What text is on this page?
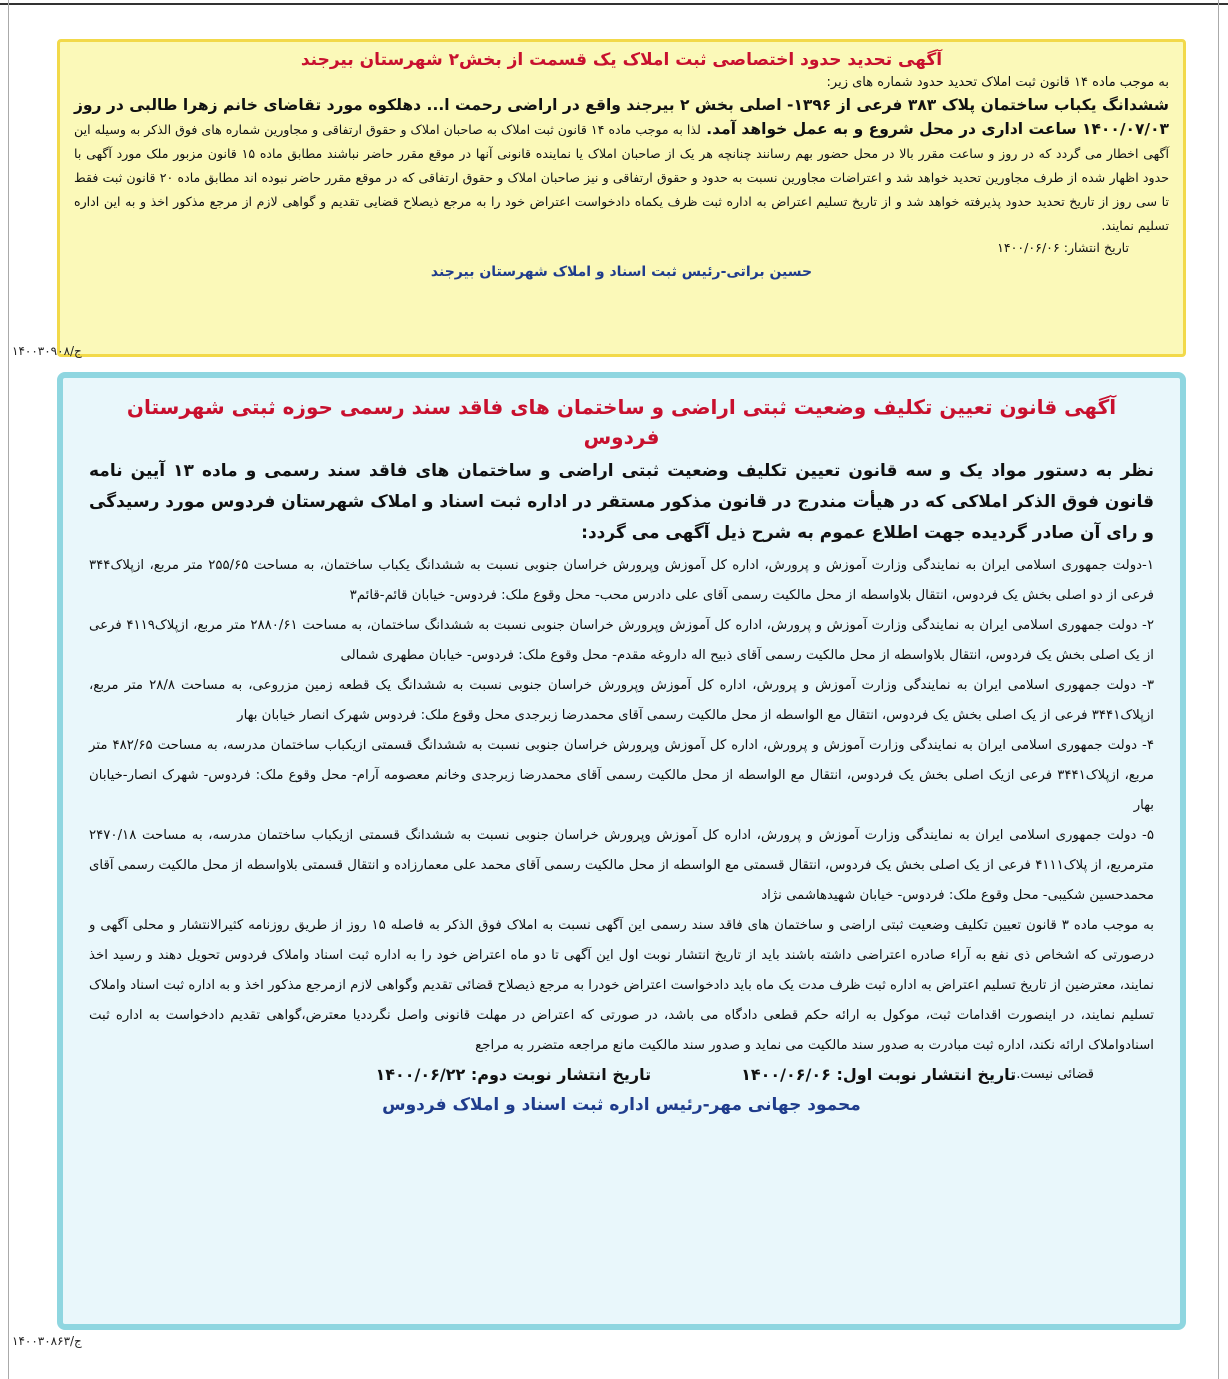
آگهی تحدید حدود اختصاصی ثبت املاک یک قسمت از بخش۲ شهرستان بیرجند

به موجب ماده ۱۴ قانون ثبت املاک تحدید حدود شماره های زیر:

ششدانگ یکباب ساختمان پلاک ۳۸۳ فرعی از ۱۳۹۶- اصلی بخش ۲ بیرجند واقع در اراضی رحمت ا... دهلکوه مورد تقاضای خانم زهرا طالبی در روز ۱۴۰۰/۰۷/۰۳ ساعت اداری در محل شروع و به عمل خواهد آمد. لذا به موجب ماده ۱۴ قانون ثبت املاک به صاحبان املاک و حقوق ارتفاقی و مجاورین شماره های فوق الذکر به وسیله این آگهی اخطار می گردد که در روز و ساعت مقرر بالا در محل حضور بهم رسانند چنانچه هر یک از صاحبان املاک یا نماینده قانونی آنها در موقع مقرر حاضر نباشند مطابق ماده ۱۵ قانون مزبور ملک مورد آگهی با حدود اظهار شده از طرف مجاورین تحدید خواهد شد و اعتراضات مجاورین نسبت به حدود و حقوق ارتفاقی و نیز صاحبان املاک و حقوق ارتفاقی که در موقع مقرر حاضر نبوده اند مطابق ماده ۲۰ قانون ثبت فقط تا سی روز از تاریخ تحدید حدود پذیرفته خواهد شد و از تاریخ تسلیم اعتراض به اداره ثبت ظرف یکماه دادخواست اعتراض خود را به مرجع ذیصلاح قضایی تقدیم و گواهی لازم از مرجع مذکور اخذ و به این اداره تسلیم نمایند.

تاریخ انتشار: ۱۴۰۰/۰۶/۰۶

حسین براتی-رئیس ثبت اسناد و املاک شهرستان بیرجند

ج/۱۴۰۰۳۰۹۰۸

آگهی قانون تعیین تکلیف وضعیت ثبتی اراضی و ساختمان های فاقد سند رسمی حوزه ثبتی شهرستان فردوس

نظر به دستور مواد یک و سه قانون تعیین تکلیف وضعیت ثبتی اراضی و ساختمان های فاقد سند رسمی و ماده ۱۳ آیین نامه قانون فوق الذکر املاکی که در هیأت مندرج در قانون مذکور مستقر در اداره ثبت اسناد و املاک شهرستان فردوس مورد رسیدگی و رای آن صادر گردیده جهت اطلاع عموم به شرح ذیل آگهی می گردد:

۱-دولت جمهوری اسلامی ایران به نمایندگی وزارت آموزش و پرورش، اداره کل آموزش وپرورش خراسان جنوبی نسبت به ششدانگ یکباب ساختمان، به مساحت ۲۵۵/۶۵ متر مربع، ازپلاک۳۴۴ فرعی از دو اصلی بخش یک فردوس، انتقال بلاواسطه از محل مالکیت رسمی آقای علی دادرس محب- محل وقوع ملک: فردوس- خیابان قائم-قائم۳

۲- دولت جمهوری اسلامی ایران به نمایندگی وزارت آموزش و پرورش، اداره کل آموزش وپرورش خراسان جنوبی نسبت به ششدانگ ساختمان، به مساحت ۲۸۸۰/۶۱ متر مربع، ازپلاک۴۱۱۹ فرعی از یک اصلی بخش یک فردوس، انتقال بلاواسطه از محل مالکیت رسمی آقای ذبیح اله داروغه مقدم- محل وقوع ملک: فردوس- خیابان مطهری شمالی

۳- دولت جمهوری اسلامی ایران به نمایندگی وزارت آموزش و پرورش، اداره کل آموزش وپرورش خراسان جنوبی نسبت به ششدانگ یک قطعه زمین مزروعی، به مساحت ۲۸/۸ متر مربع، ازپلاک۳۴۴۱ فرعی از یک اصلی بخش یک فردوس، انتقال مع الواسطه از محل مالکیت رسمی آقای محمدرضا زبرجدی محل وقوع ملک: فردوس شهرک انصار خیابان بهار

۴- دولت جمهوری اسلامی ایران به نمایندگی وزارت آموزش و پرورش، اداره کل آموزش وپرورش خراسان جنوبی نسبت به ششدانگ قسمتی ازیکباب ساختمان مدرسه، به مساحت ۴۸۲/۶۵ متر مربع، ازپلاک۳۴۴۱ فرعی ازیک اصلی بخش یک فردوس، انتقال مع الواسطه از محل مالکیت رسمی آقای محمدرضا زبرجدی وخانم معصومه آرام- محل وقوع ملک: فردوس- شهرک انصار-خیابان بهار

۵- دولت جمهوری اسلامی ایران به نمایندگی وزارت آموزش و پرورش، اداره کل آموزش وپرورش خراسان جنوبی نسبت به ششدانگ قسمتی ازیکباب ساختمان مدرسه، به مساحت ۲۴۷۰/۱۸ مترمربع، از پلاک۴۱۱۱ فرعی از یک اصلی بخش یک فردوس، انتقال قسمتی مع الواسطه از محل مالکیت رسمی آقای محمد علی معمارزاده و انتقال قسمتی بلاواسطه از محل مالکیت رسمی آقای محمدحسین شکیبی- محل وقوع ملک: فردوس- خیابان شهیدهاشمی نژاد

به موجب ماده ۳ قانون تعیین تکلیف وضعیت ثبتی اراضی و ساختمان های فاقد سند رسمی این آگهی نسبت به املاک فوق الذکر به فاصله ۱۵ روز از طریق روزنامه کثیرالانتشار و محلی آگهی و درصورتی که اشخاص ذی نفع به آراء صادره اعتراضی داشته باشند باید از تاریخ انتشار نوبت اول این آگهی تا دو ماه اعتراض خود را به اداره ثبت اسناد واملاک فردوس تحویل دهند و رسید اخذ نمایند، معترضین از تاریخ تسلیم اعتراض به اداره ثبت ظرف مدت یک ماه باید دادخواست اعتراض خودرا به مرجع ذیصلاح قضائی تقدیم وگواهی لازم ازمرجع مذکور اخذ و به اداره ثبت اسناد واملاک تسلیم نمایند، در اینصورت اقدامات ثبت، موکول به ارائه حکم قطعی دادگاه می باشد، در صورتی که اعتراض در مهلت قانونی واصل نگرددیا معترض،گواهی تقدیم دادخواست به اداره ثبت اسنادواملاک ارائه نکند، اداره ثبت مبادرت به صدور سند مالکیت می نماید و صدور سند مالکیت مانع مراجعه متضرر به مراجع

قضائی نیست.
تاریخ انتشار نوبت اول: ۱۴۰۰/۰۶/۰۶
تاریخ انتشار نوبت دوم: ۱۴۰۰/۰۶/۲۲

محمود جهانی مهر-رئیس اداره ثبت اسناد و املاک فردوس

ج/۱۴۰۰۳۰۸۶۳
